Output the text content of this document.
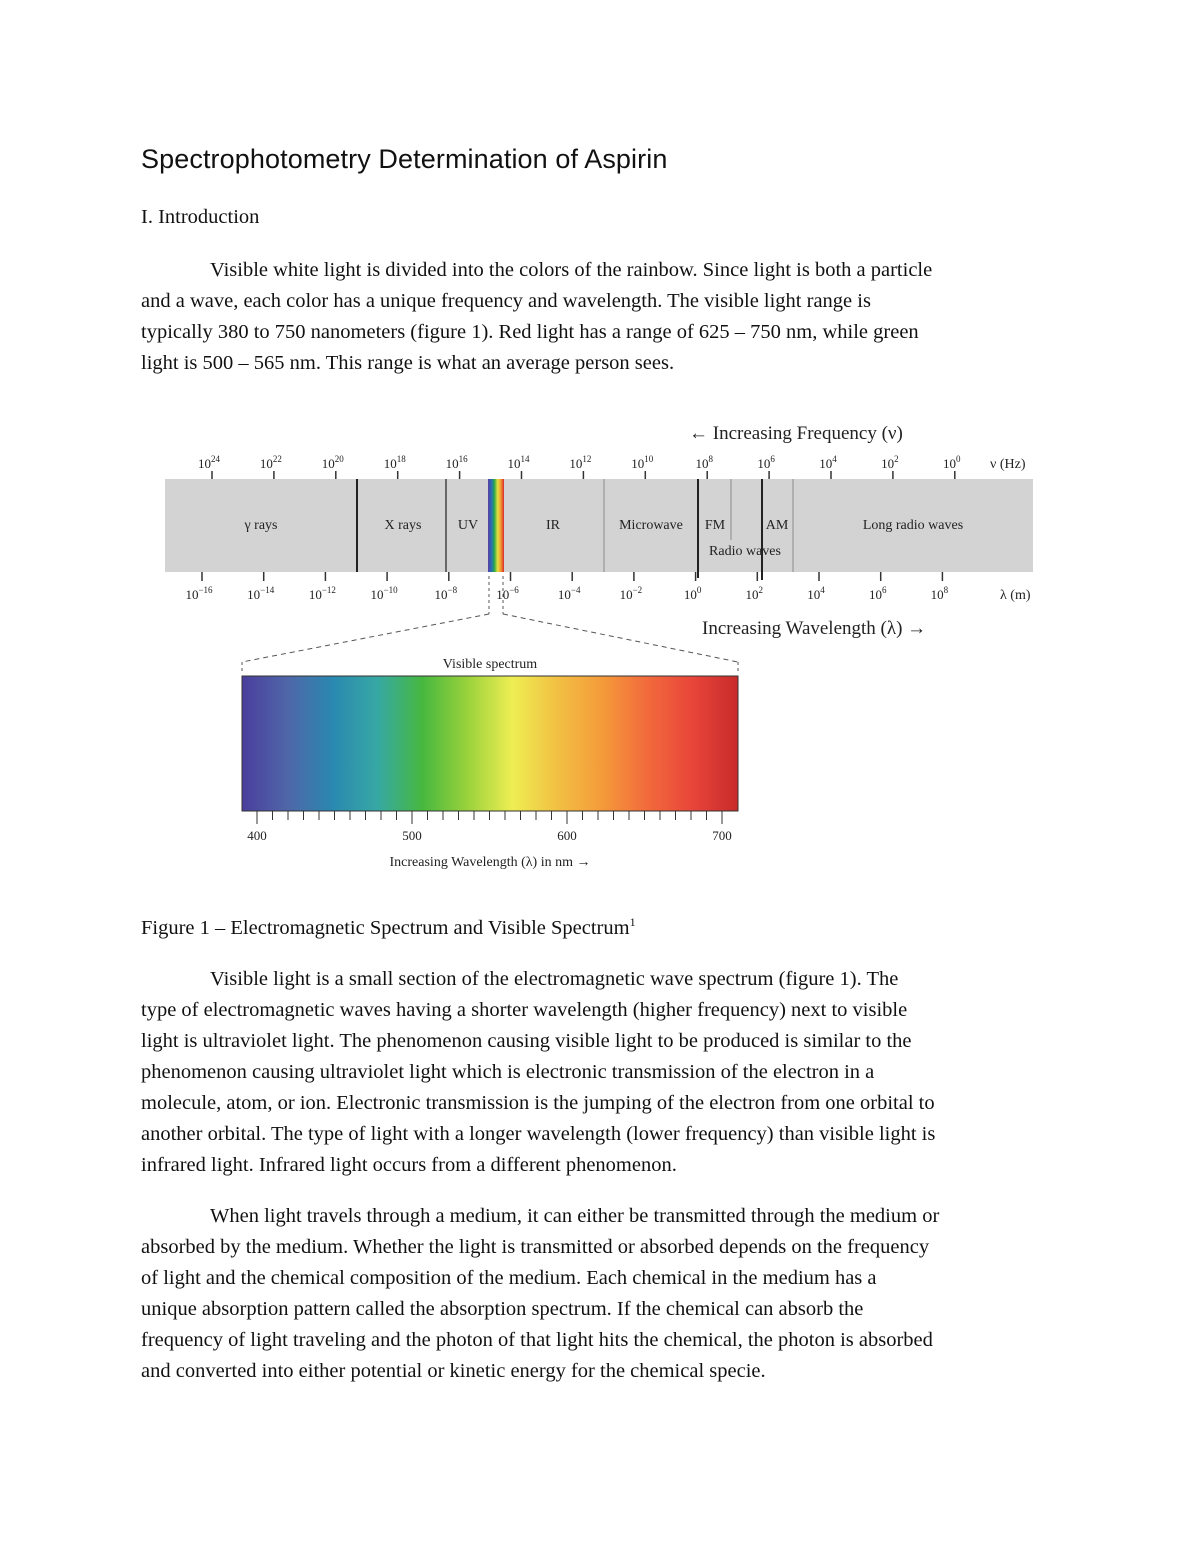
Spectrophotometry Determination of Aspirin
I. Introduction
Visible white light is divided into the colors of the rainbow. Since light is both a particle
and a wave, each color has a unique frequency and wavelength. The visible light range is
typically 380 to 750 nanometers (figure 1). Red light has a range of 625 – 750 nm, while green
light is 500 – 565 nm. This range is what an average person sees.
← Increasing Frequency (ν)
$10^{24}$	$10^{22}$	$10^{20}$	$10^{18}$	$10^{16}$	$10^{14}$	$10^{12}$	$10^{10}$	$10^8$	$10^6$	$10^4$	$10^2$	$10^0$ ν (Hz)
γ rays	X rays	UV	IR	Microwave FM	AM
Radio waves
Long radio waves
$10^{-16}$	$10^{-14}$	$10^{-12}$	$10^{-10}$	$10^{-8}$	$10^{-6}$	$10^{-4}$	$10^{-2}$	$10^0$	$10^2$	$10^4$	$10^6$	$10^8$	λ (m)
Increasing Wavelength (λ) →
Visible spectrum
400	500	600	700
Increasing Wavelength (λ) in nm →

Figure 1 – Electromagnetic Spectrum and Visible Spectrum$^1$

Visible light is a small section of the electromagnetic wave spectrum (figure 1). The
type of electromagnetic waves having a shorter wavelength (higher frequency) next to visible
light is ultraviolet light. The phenomenon causing visible light to be produced is similar to the
phenomenon causing ultraviolet light which is electronic transmission of the electron in a
molecule, atom, or ion. Electronic transmission is the jumping of the electron from one orbital to
another orbital. The type of light with a longer wavelength (lower frequency) than visible light is
infrared light. Infrared light occurs from a different phenomenon.
When light travels through a medium, it can either be transmitted through the medium or
absorbed by the medium. Whether the light is transmitted or absorbed depends on the frequency
of light and the chemical composition of the medium. Each chemical in the medium has a
unique absorption pattern called the absorption spectrum. If the chemical can absorb the
frequency of light traveling and the photon of that light hits the chemical, the photon is absorbed
and converted into either potential or kinetic energy for the chemical specie.
